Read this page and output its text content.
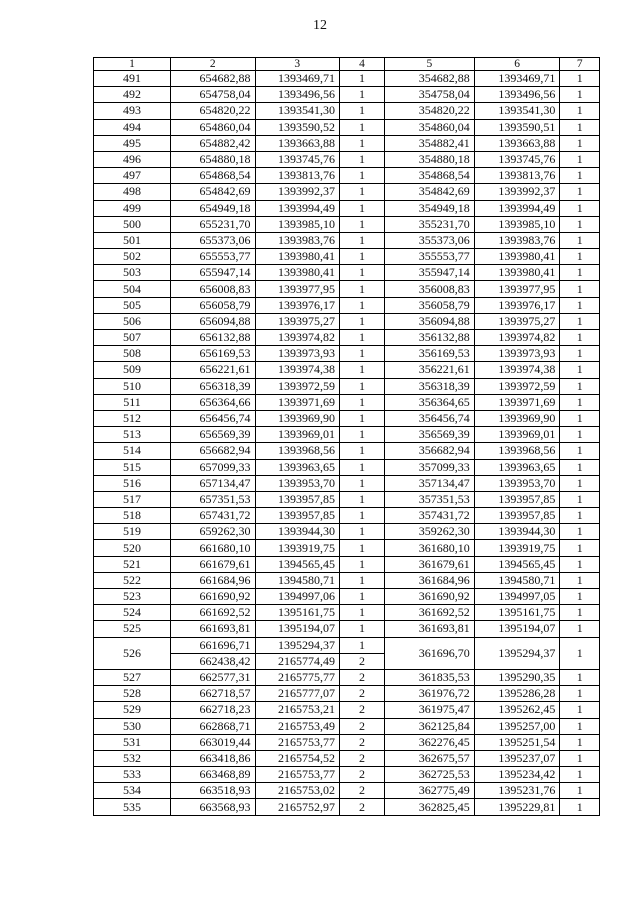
12
1	2	3	4	5	6	7
491	654682,88	1393469,71	1	354682,88	1393469,71	1
492	654758,04	1393496,56	1	354758,04	1393496,56	1
493	654820,22	1393541,30	1	354820,22	1393541,30	1
494	654860,04	1393590,52	1	354860,04	1393590,51	1
495	654882,42	1393663,88	1	354882,41	1393663,88	1
496	654880,18	1393745,76	1	354880,18	1393745,76	1
497	654868,54	1393813,76	1	354868,54	1393813,76	1
498	654842,69	1393992,37	1	354842,69	1393992,37	1
499	654949,18	1393994,49	1	354949,18	1393994,49	1
500	655231,70	1393985,10	1	355231,70	1393985,10	1
501	655373,06	1393983,76	1	355373,06	1393983,76	1
502	655553,77	1393980,41	1	355553,77	1393980,41	1
503	655947,14	1393980,41	1	355947,14	1393980,41	1
504	656008,83	1393977,95	1	356008,83	1393977,95	1
505	656058,79	1393976,17	1	356058,79	1393976,17	1
506	656094,88	1393975,27	1	356094,88	1393975,27	1
507	656132,88	1393974,82	1	356132,88	1393974,82	1
508	656169,53	1393973,93	1	356169,53	1393973,93	1
509	656221,61	1393974,38	1	356221,61	1393974,38	1
510	656318,39	1393972,59	1	356318,39	1393972,59	1
511	656364,66	1393971,69	1	356364,65	1393971,69	1
512	656456,74	1393969,90	1	356456,74	1393969,90	1
513	656569,39	1393969,01	1	356569,39	1393969,01	1
514	656682,94	1393968,56	1	356682,94	1393968,56	1
515	657099,33	1393963,65	1	357099,33	1393963,65	1
516	657134,47	1393953,70	1	357134,47	1393953,70	1
517	657351,53	1393957,85	1	357351,53	1393957,85	1
518	657431,72	1393957,85	1	357431,72	1393957,85	1
519	659262,30	1393944,30	1	359262,30	1393944,30	1
520	661680,10	1393919,75	1	361680,10	1393919,75	1
521	661679,61	1394565,45	1	361679,61	1394565,45	1
522	661684,96	1394580,71	1	361684,96	1394580,71	1
523	661690,92	1394997,06	1	361690,92	1394997,05	1
524	661692,52	1395161,75	1	361692,52	1395161,75	1
525	661693,81	1395194,07	1	361693,81	1395194,07	1
526	661696,71	1395294,37	1	361696,70	1395294,37	1
	662438,42	2165774,49	2			
527	662577,31	2165775,77	2	361835,53	1395290,35	1
528	662718,57	2165777,07	2	361976,72	1395286,28	1
529	662718,23	2165753,21	2	361975,47	1395262,45	1
530	662868,71	2165753,49	2	362125,84	1395257,00	1
531	663019,44	2165753,77	2	362276,45	1395251,54	1
532	663418,86	2165754,52	2	362675,57	1395237,07	1
533	663468,89	2165753,77	2	362725,53	1395234,42	1
534	663518,93	2165753,02	2	362775,49	1395231,76	1
535	663568,93	2165752,97	2	362825,45	1395229,81	1
